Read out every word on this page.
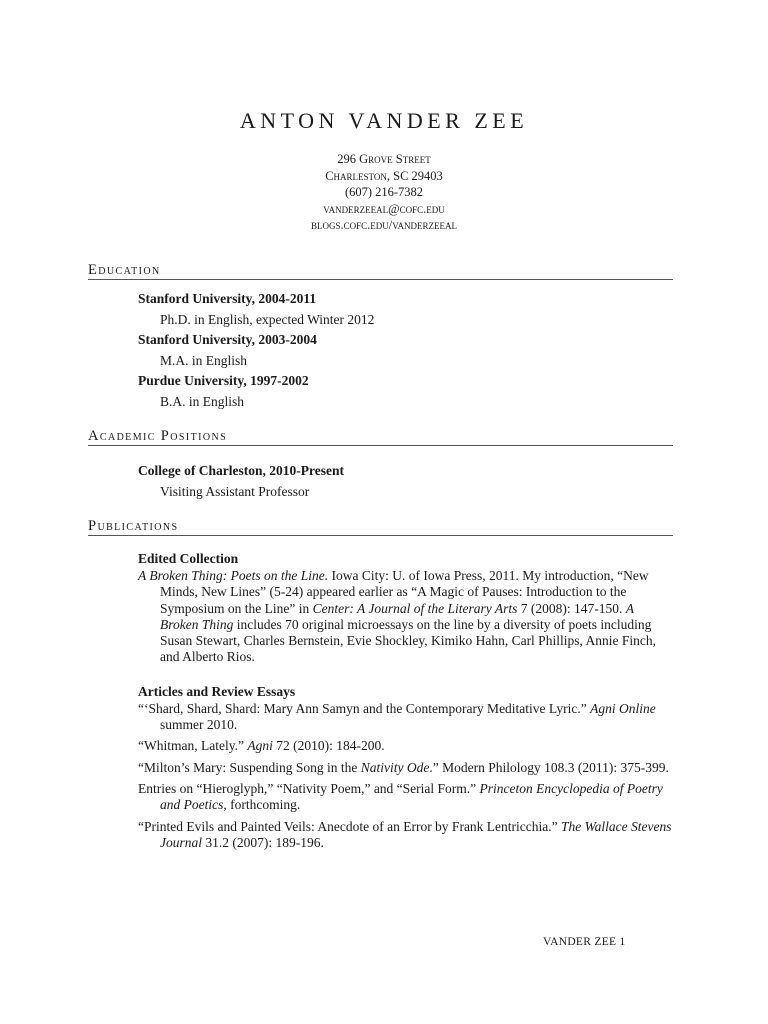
ANTON VANDER ZEE
296 Grove Street
Charleston, SC 29403
(607) 216-7382
vanderzeeal@cofc.edu
blogs.cofc.edu/vanderzeeal
Education
Stanford University, 2004-2011
Ph.D. in English, expected Winter 2012
Stanford University, 2003-2004
M.A. in English
Purdue University, 1997-2002
B.A. in English
Academic Positions
College of Charleston, 2010-Present
Visiting Assistant Professor
Publications
Edited Collection
A Broken Thing: Poets on the Line. Iowa City: U. of Iowa Press, 2011. My introduction, “New Minds, New Lines” (5-24) appeared earlier as “A Magic of Pauses: Introduction to the Symposium on the Line” in Center: A Journal of the Literary Arts 7 (2008): 147-150. A Broken Thing includes 70 original microessays on the line by a diversity of poets including Susan Stewart, Charles Bernstein, Evie Shockley, Kimiko Hahn, Carl Phillips, Annie Finch, and Alberto Rios.
Articles and Review Essays
“‘Shard, Shard, Shard: Mary Ann Samyn and the Contemporary Meditative Lyric.” Agni Online summer 2010.
“Whitman, Lately.” Agni 72 (2010): 184-200.
“Milton’s Mary: Suspending Song in the Nativity Ode.” Modern Philology 108.3 (2011): 375-399.
Entries on “Hieroglyph,” “Nativity Poem,” and “Serial Form.” Princeton Encyclopedia of Poetry and Poetics, forthcoming.
“Printed Evils and Painted Veils: Anecdote of an Error by Frank Lentricchia.” The Wallace Stevens Journal 31.2 (2007): 189-196.
VANDER ZEE 1
